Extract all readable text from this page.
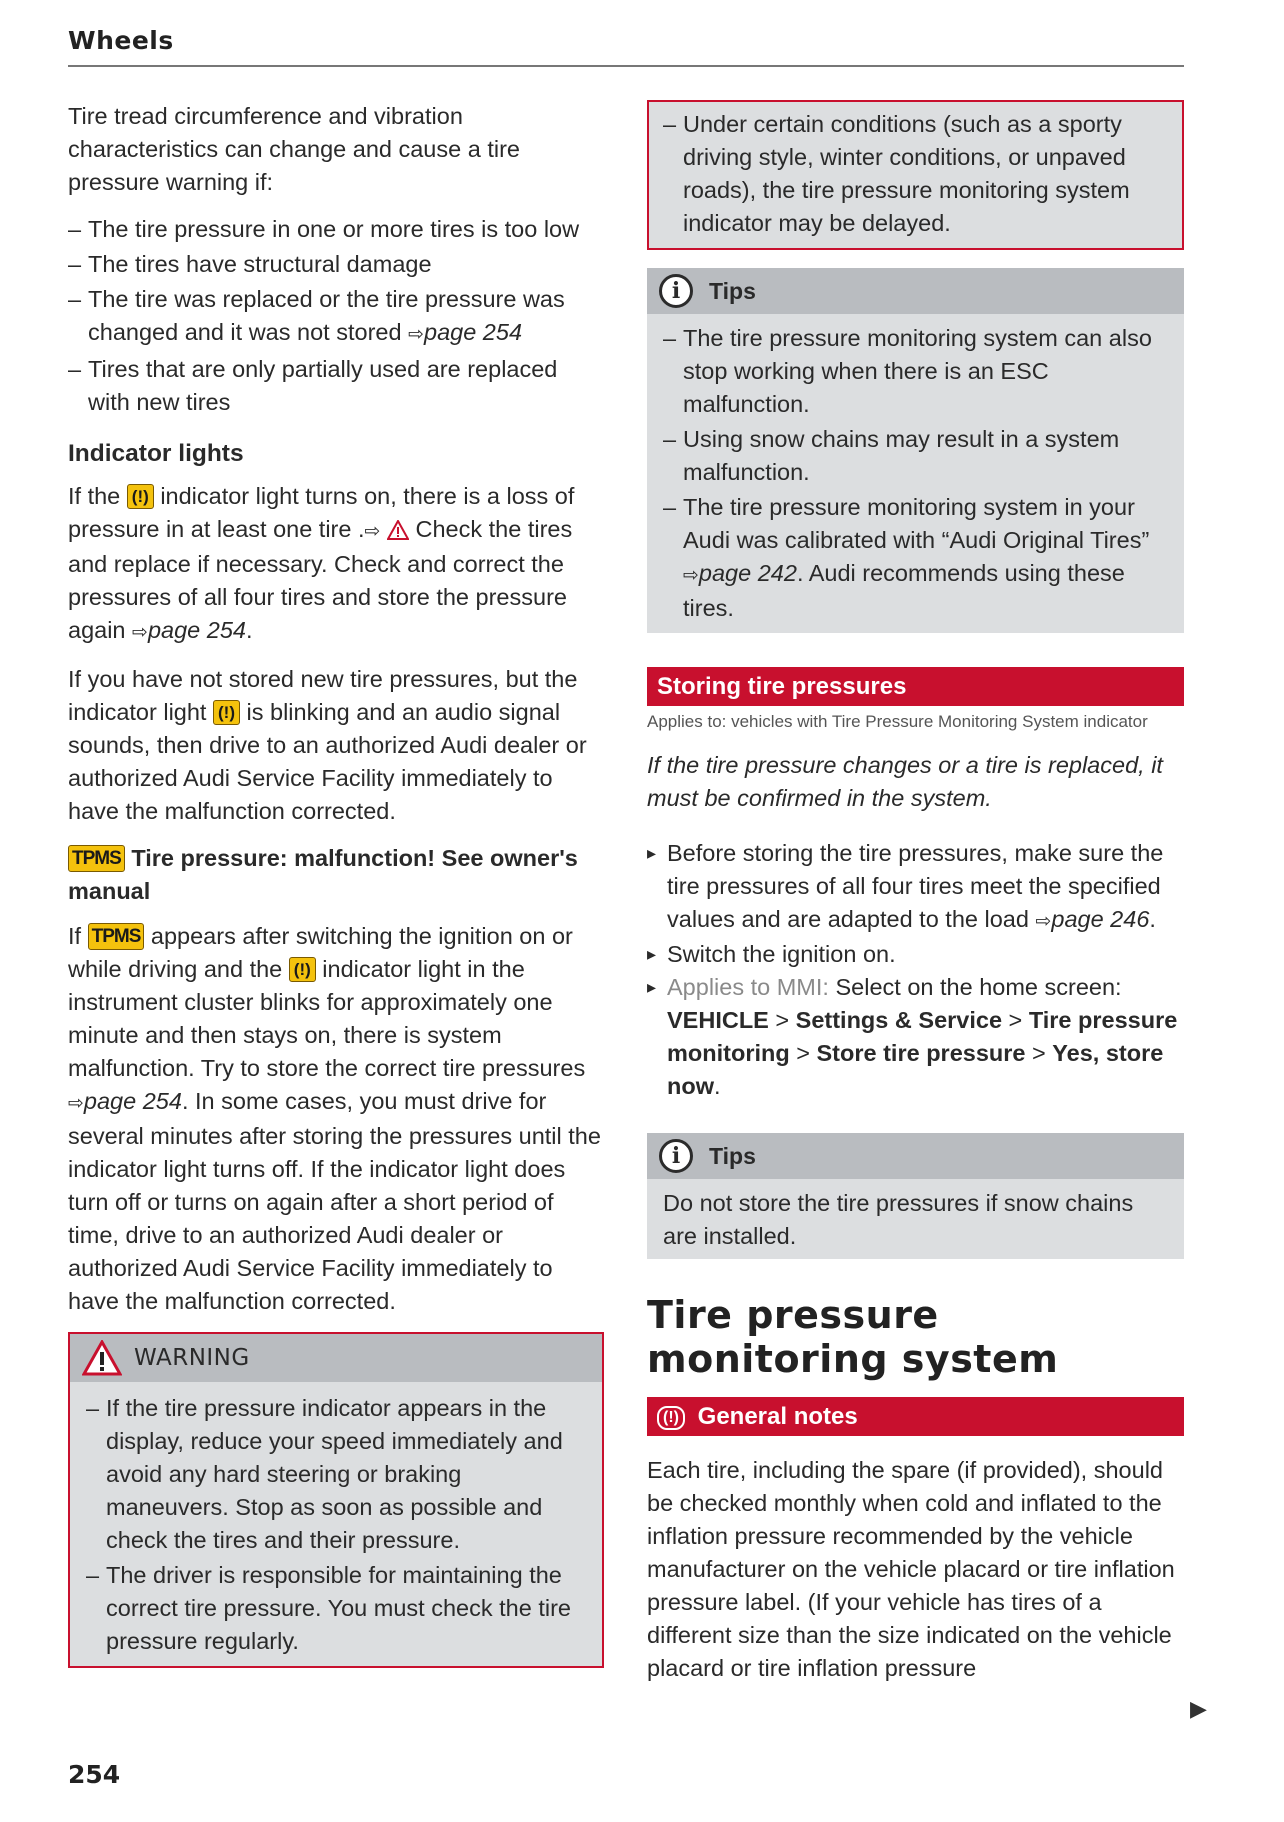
Wheels

Tire tread circumference and vibration characteristics can change and cause a tire pressure warning if:

– The tire pressure in one or more tires is too low
– The tires have structural damage
– The tire was replaced or the tire pressure was changed and it was not stored ⇨page 254
– Tires that are only partially used are replaced with new tires
Indicator lights

If the (!) indicator light turns on, there is a loss of pressure in at least one tire .⇨ Check the tires and replace if necessary. Check and correct the pressures of all four tires and store the pressure again ⇨page 254.

If you have not stored new tire pressures, but the indicator light (!) is blinking and an audio signal sounds, then drive to an authorized Audi dealer or authorized Audi Service Facility immediately to have the malfunction corrected.

TPMS Tire pressure: malfunction! See owner's manual

If TPMS appears after switching the ignition on or while driving and the (!) indicator light in the instrument cluster blinks for approximately one minute and then stays on, there is system malfunction. Try to store the correct tire pressures ⇨page 254. In some cases, you must drive for several minutes after storing the pressures until the indicator light turns off. If the indicator light does turn off or turns on again after a short period of time, drive to an authorized Audi dealer or authorized Audi Service Facility immediately to have the malfunction corrected.

WARNING
– If the tire pressure indicator appears in the display, reduce your speed immediately and avoid any hard steering or braking maneuvers. Stop as soon as possible and check the tires and their pressure.
– The driver is responsible for maintaining the correct tire pressure. You must check the tire pressure regularly.
– Under certain conditions (such as a sporty driving style, winter conditions, or unpaved roads), the tire pressure monitoring system indicator may be delayed.
i	Tips
– The tire pressure monitoring system can also stop working when there is an ESC malfunction.
– Using snow chains may result in a system malfunction.
– The tire pressure monitoring system in your Audi was calibrated with “Audi Original Tires” ⇨page 242. Audi recommends using these tires.
Storing tire pressures
Applies to: vehicles with Tire Pressure Monitoring System indicator

If the tire pressure changes or a tire is replaced, it must be confirmed in the system.

▸ Before storing the tire pressures, make sure the tire pressures of all four tires meet the specified values and are adapted to the load ⇨page 246.
▸ Switch the ignition on.
▸ Applies to MMI: Select on the home screen: VEHICLE > Settings & Service > Tire pressure monitoring > Store tire pressure > Yes, store now.
i	Tips

Do not store the tire pressures if snow chains are installed.

Tire pressure monitoring system
(!) General notes

Each tire, including the spare (if provided), should be checked monthly when cold and inflated to the inflation pressure recommended by the vehicle manufacturer on the vehicle placard or tire inflation pressure label. (If your vehicle has tires of a different size than the size indicated on the vehicle placard or tire inflation pressure

▶
254
